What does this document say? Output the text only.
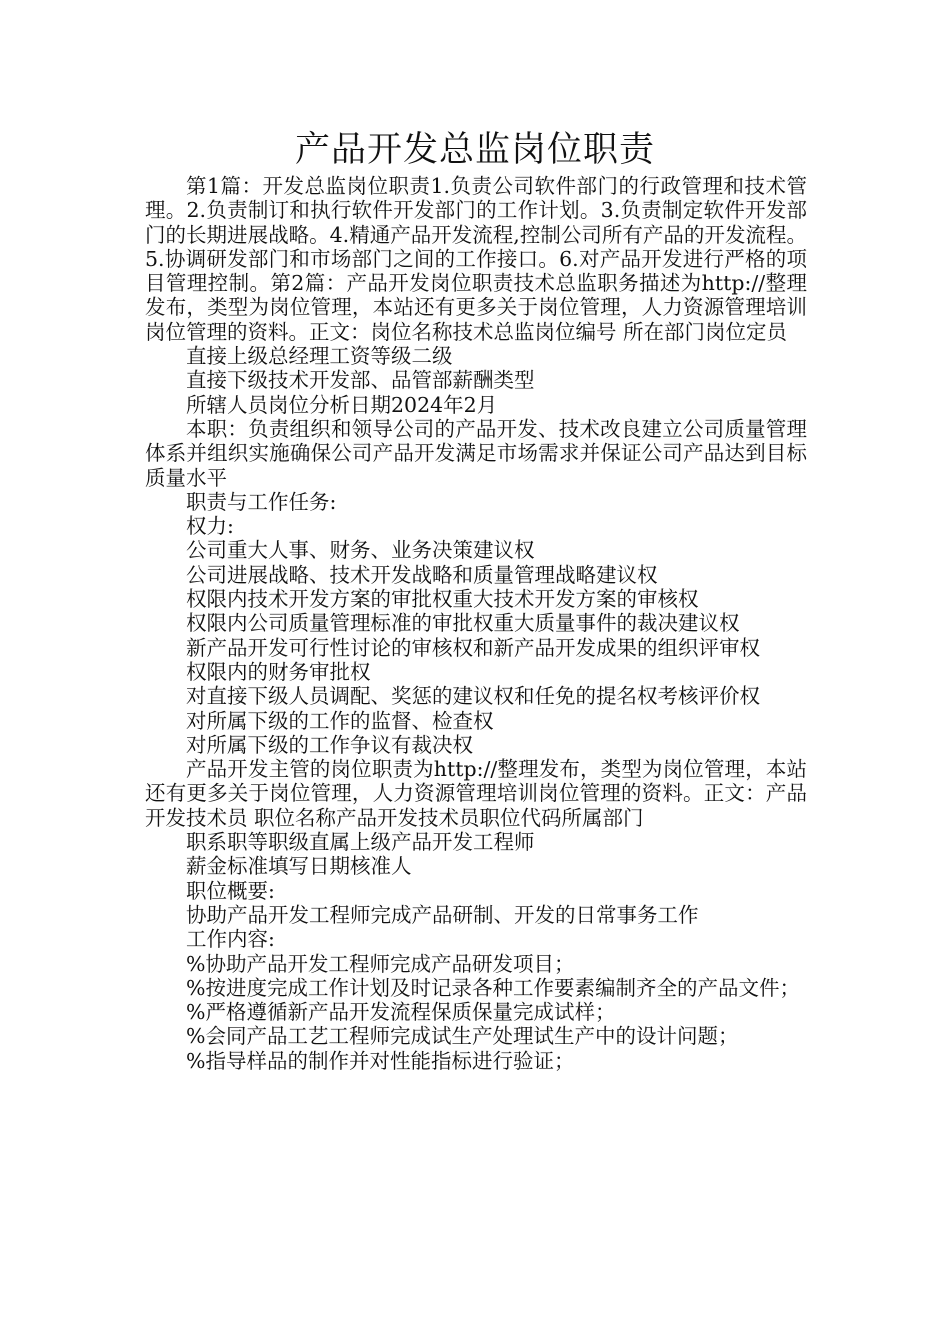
产品开发总监岗位职责

第1篇：开发总监岗位职责1.负责公司软件部门的行政管理和技术管理。2.负责制订和执行软件开发部门的工作计划。3.负责制定软件开发部门的长期进展战略。4.精通产品开发流程,控制公司所有产品的开发流程。5.协调研发部门和市场部门之间的工作接口。6.对产品开发进行严格的项目管理控制。第2篇：产品开发岗位职责技术总监职务描述为http://整理发布，类型为岗位管理，本站还有更多关于岗位管理，人力资源管理培训岗位管理的资料。正文：岗位名称技术总监岗位编号 所在部门岗位定员

直接上级总经理工资等级二级

直接下级技术开发部、品管部薪酬类型

所辖人员岗位分析日期2024年2月

本职：负责组织和领导公司的产品开发、技术改良建立公司质量管理体系并组织实施确保公司产品开发满足市场需求并保证公司产品达到目标质量水平

职责与工作任务:

权力:

公司重大人事、财务、业务决策建议权

公司进展战略、技术开发战略和质量管理战略建议权

权限内技术开发方案的审批权重大技术开发方案的审核权

权限内公司质量管理标准的审批权重大质量事件的裁决建议权

新产品开发可行性讨论的审核权和新产品开发成果的组织评审权

权限内的财务审批权

对直接下级人员调配、奖惩的建议权和任免的提名权考核评价权

对所属下级的工作的监督、检查权

对所属下级的工作争议有裁决权

产品开发主管的岗位职责为http://整理发布，类型为岗位管理，本站还有更多关于岗位管理，人力资源管理培训岗位管理的资料。正文：产品开发技术员 职位名称产品开发技术员职位代码所属部门

职系职等职级直属上级产品开发工程师

薪金标准填写日期核准人

职位概要:

协助产品开发工程师完成产品研制、开发的日常事务工作

工作内容:

%协助产品开发工程师完成产品研发项目；

%按进度完成工作计划及时记录各种工作要素编制齐全的产品文件；

%严格遵循新产品开发流程保质保量完成试样；

%会同产品工艺工程师完成试生产处理试生产中的设计问题；

%指导样品的制作并对性能指标进行验证；
